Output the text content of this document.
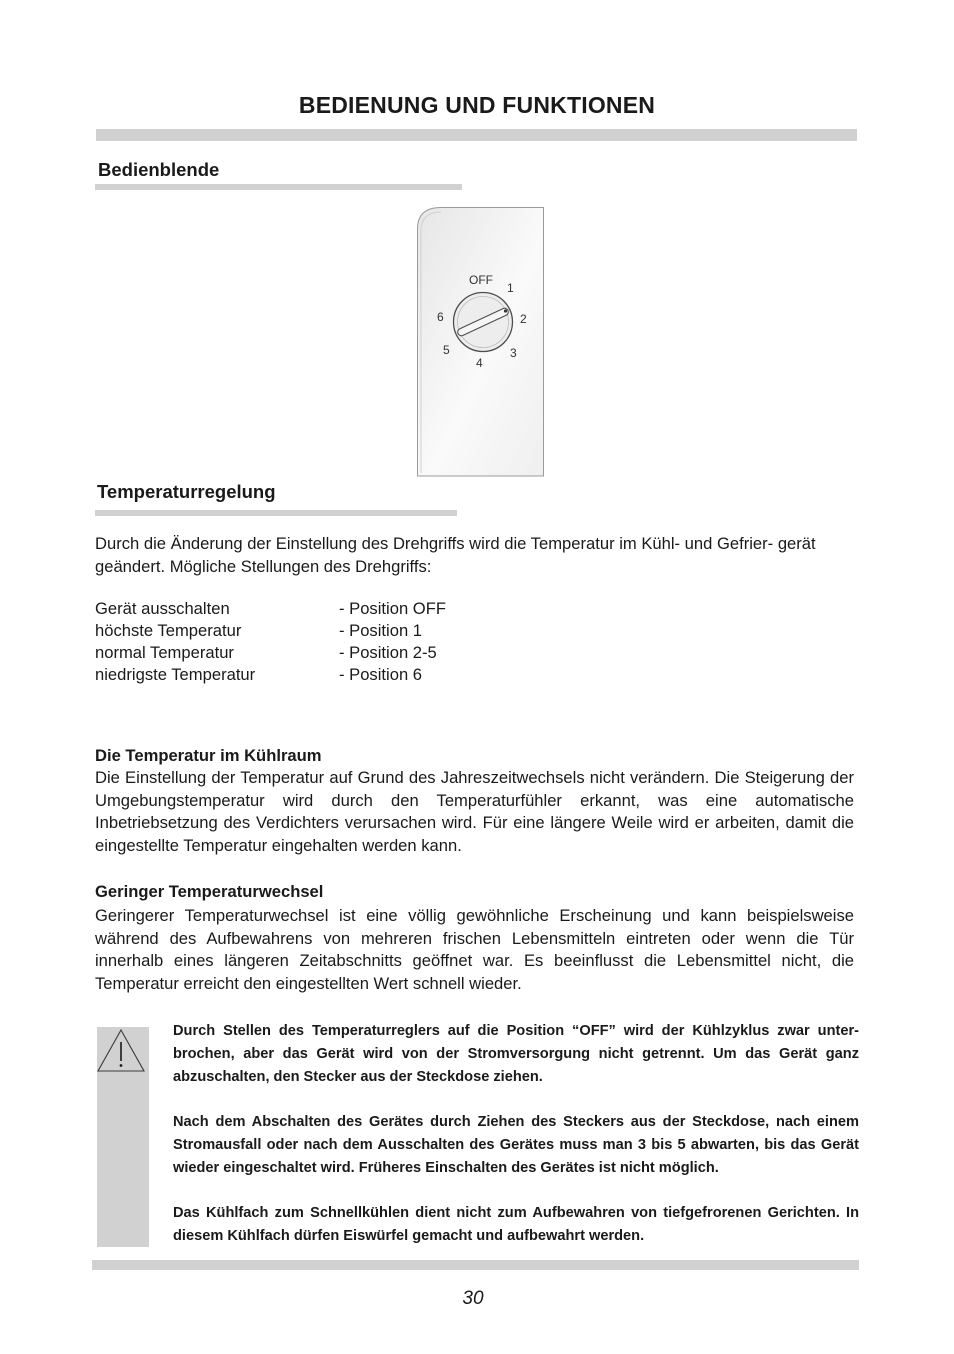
BEDIENUNG UND FUNKTIONEN
Bedienblende
OFF
1
2
3
4
5
6
Temperaturregelung
Durch die Änderung der Einstellung des Drehgriffs wird die Temperatur im Kühl- und Gefrier- gerät geändert. Mögliche Stellungen des Drehgriffs:
Gerät ausschalten	- Position OFF
höchste Temperatur	- Position 1
normal Temperatur	- Position 2-5
niedrigste Temperatur	- Position 6
Die Temperatur im Kühlraum
Die Einstellung der Temperatur auf Grund des Jahreszeitwechsels nicht verändern. Die Steigerung der Umgebungstemperatur wird durch den Temperaturfühler erkannt, was eine automatische Inbetriebsetzung des Verdichters verursachen wird. Für eine längere Weile wird er arbeiten, damit die eingestellte Temperatur eingehalten werden kann.
Geringer Temperaturwechsel
Geringerer Temperaturwechsel ist eine völlig gewöhnliche Erscheinung und kann beispielsweise während des Aufbewahrens von mehreren frischen Lebensmitteln eintreten oder wenn die Tür innerhalb eines längeren Zeitabschnitts geöffnet war. Es beeinflusst die Lebensmittel nicht, die Temperatur erreicht den eingestellten Wert schnell wieder.

Durch Stellen des Temperaturreglers auf die Position “OFF” wird der Kühlzyklus zwar unter- brochen, aber das Gerät wird von der Stromversorgung nicht getrennt. Um das Gerät ganz abzuschalten, den Stecker aus der Steckdose ziehen.

Nach dem Abschalten des Gerätes durch Ziehen des Steckers aus der Steckdose, nach einem Stromausfall oder nach dem Ausschalten des Gerätes muss man 3 bis 5 abwarten, bis das Gerät wieder eingeschaltet wird. Früheres Einschalten des Gerätes ist nicht möglich.

Das Kühlfach zum Schnellkühlen dient nicht zum Aufbewahren von tiefgefrorenen Gerichten. In diesem Kühlfach dürfen Eiswürfel gemacht und aufbewahrt werden.

30
